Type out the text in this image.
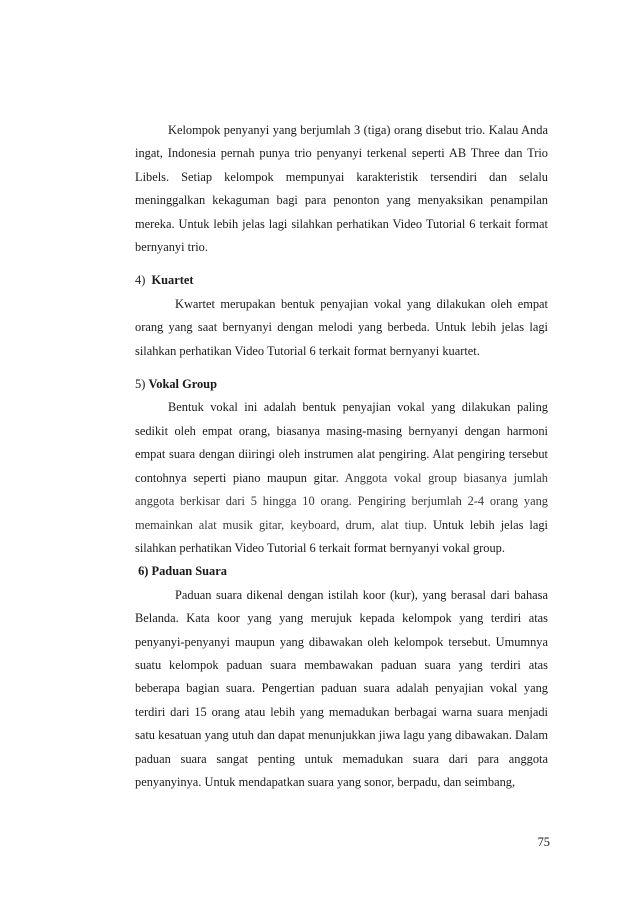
Kelompok penyanyi yang berjumlah 3 (tiga) orang disebut trio. Kalau Anda ingat, Indonesia pernah punya trio penyanyi terkenal seperti AB Three dan Trio Libels. Setiap kelompok mempunyai karakteristik tersendiri dan selalu meninggalkan kekaguman bagi para penonton yang menyaksikan penampilan mereka. Untuk lebih jelas lagi silahkan perhatikan Video Tutorial 6 terkait format bernyanyi trio.

4) Kuartet

Kwartet merupakan bentuk penyajian vokal yang dilakukan oleh empat orang yang saat bernyanyi dengan melodi yang berbeda. Untuk lebih jelas lagi silahkan perhatikan Video Tutorial 6 terkait format bernyanyi kuartet.

5) Vokal Group

Bentuk vokal ini adalah bentuk penyajian vokal yang dilakukan paling sedikit oleh empat orang, biasanya masing-masing bernyanyi dengan harmoni empat suara dengan diiringi oleh instrumen alat pengiring. Alat pengiring tersebut contohnya seperti piano maupun gitar. Anggota vokal group biasanya jumlah anggota berkisar dari 5 hingga 10 orang. Pengiring berjumlah 2-4 orang yang memainkan alat musik gitar, keyboard, drum, alat tiup. Untuk lebih jelas lagi silahkan perhatikan Video Tutorial 6 terkait format bernyanyi vokal group.

6) Paduan Suara

Paduan suara dikenal dengan istilah koor (kur), yang berasal dari bahasa Belanda. Kata koor yang yang merujuk kepada kelompok yang terdiri atas penyanyi-penyanyi maupun yang dibawakan oleh kelompok tersebut. Umumnya suatu kelompok paduan suara membawakan paduan suara yang terdiri atas beberapa bagian suara. Pengertian paduan suara adalah penyajian vokal yang terdiri dari 15 orang atau lebih yang memadukan berbagai warna suara menjadi satu kesatuan yang utuh dan dapat menunjukkan jiwa lagu yang dibawakan. Dalam paduan suara sangat penting untuk memadukan suara dari para anggota penyanyinya. Untuk mendapatkan suara yang sonor, berpadu, dan seimbang,

75
